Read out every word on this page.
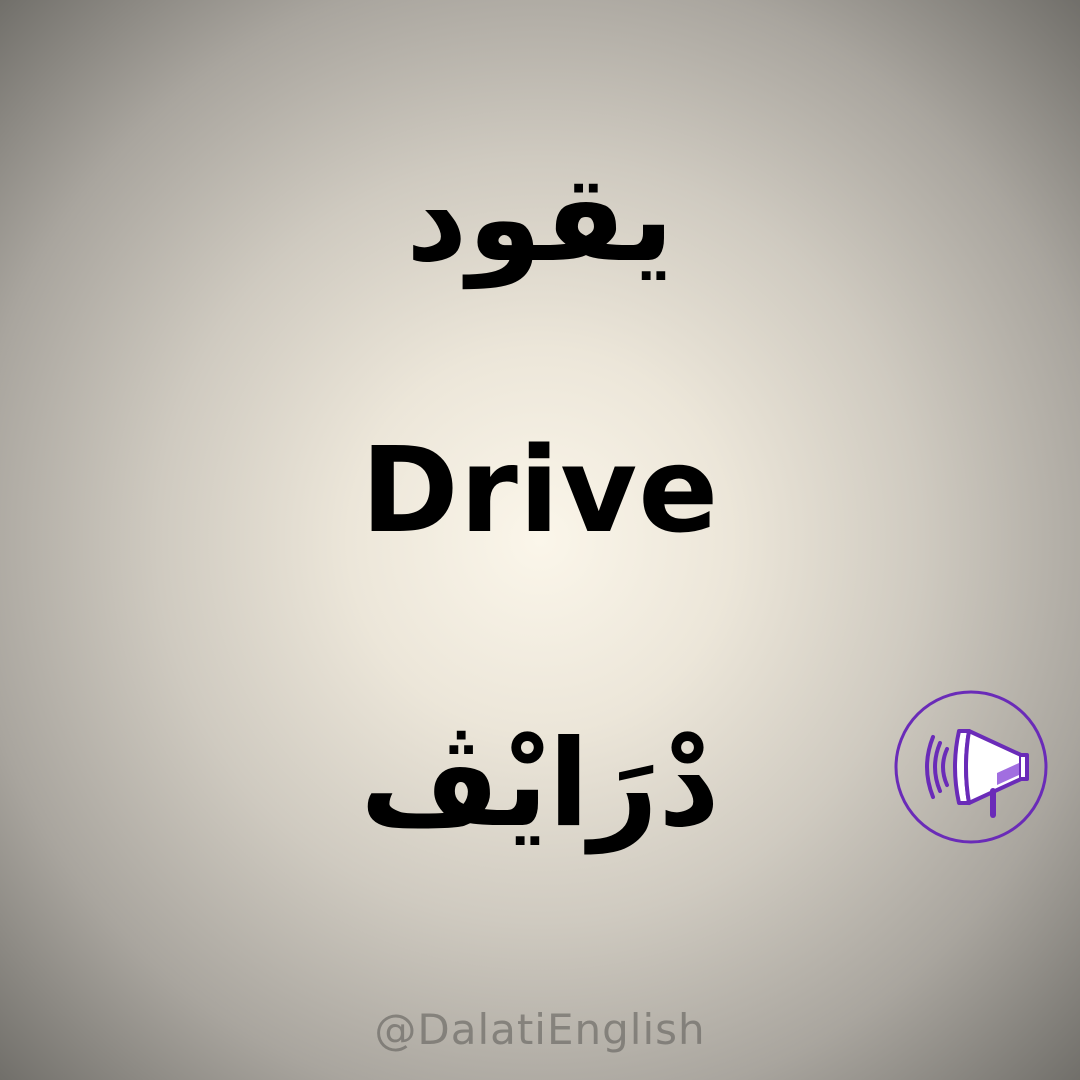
يقود
Drive
دْرَايْڤ
@DalatiEnglish
